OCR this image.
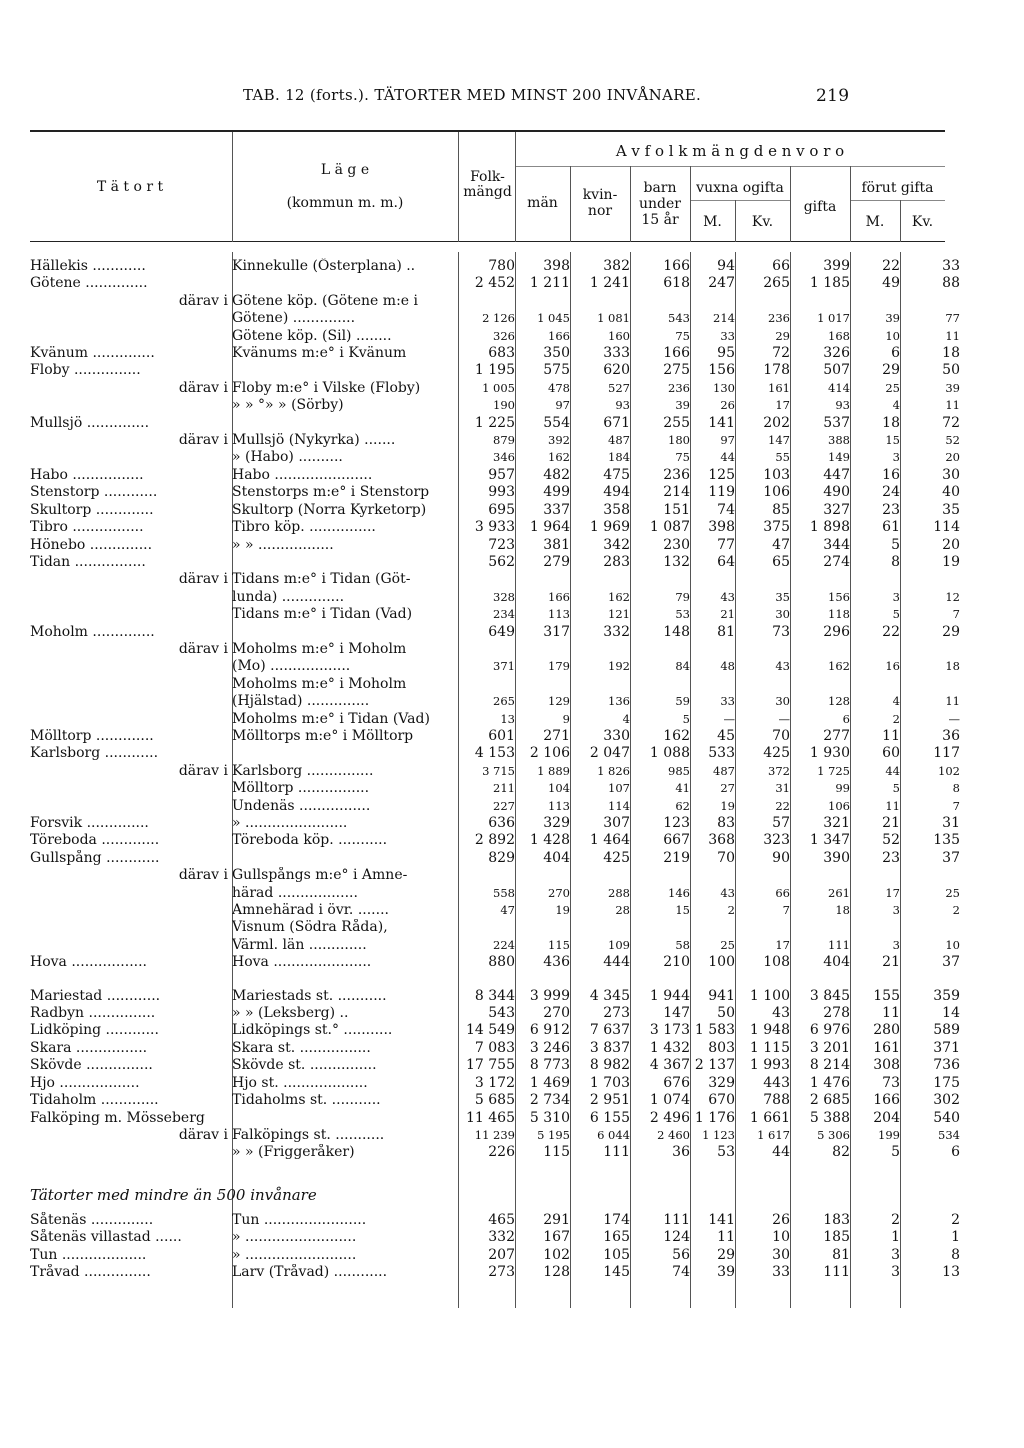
TAB. 12 (forts.). TÄTORTER MED MINST 200 INVÅNARE.	219
T ä t o r t
L ä g e
(kommun m. m.)
Folk-
mängd
A v f o l k m ä n g d e n v o r o
män	kvin-
nor
barn
under
15 år
vuxna ogifta
M.	Kv.
gifta
förut gifta
M.	Kv.
Hällekis ............	Kinnekulle (Österplana) ..	780	398	382	166	94	66	399	22	33
Götene ..............		2 452	1 211	1 241	618	247	265	1 185	49	88
därav i	Götene köp. (Götene m:e i									
	Götene) ..............	2 126	1 045	1 081	543	214	236	1 017	39	77
	Götene köp. (Sil) ........	326	166	160	75	33	29	168	10	11
Kvänum ..............	Kvänums m:e° i Kvänum	683	350	333	166	95	72	326	6	18
Floby ...............		1 195	575	620	275	156	178	507	29	50
därav i	Floby m:e° i Vilske (Floby)	1 005	478	527	236	130	161	414	25	39
	» » °» » (Sörby)	190	97	93	39	26	17	93	4	11
Mullsjö ..............		1 225	554	671	255	141	202	537	18	72
därav i	Mullsjö (Nykyrka) .......	879	392	487	180	97	147	388	15	52
	» (Habo) ..........	346	162	184	75	44	55	149	3	20
Habo ................	Habo ......................	957	482	475	236	125	103	447	16	30
Stenstorp ............	Stenstorps m:e° i Stenstorp	993	499	494	214	119	106	490	24	40
Skultorp .............	Skultorp (Norra Kyrketorp)	695	337	358	151	74	85	327	23	35
Tibro ................	Tibro köp. ...............	3 933	1 964	1 969	1 087	398	375	1 898	61	114
Hönebo ..............	» » .................	723	381	342	230	77	47	344	5	20
Tidan ................		562	279	283	132	64	65	274	8	19
därav i	Tidans m:e° i Tidan (Göt-									
	lunda) ..............	328	166	162	79	43	35	156	3	12
	Tidans m:e° i Tidan (Vad)	234	113	121	53	21	30	118	5	7
Moholm ..............		649	317	332	148	81	73	296	22	29
därav i	Moholms m:e° i Moholm									
	(Mo) ..................	371	179	192	84	48	43	162	16	18
	Moholms m:e° i Moholm									
	(Hjälstad) ..............	265	129	136	59	33	30	128	4	11
	Moholms m:e° i Tidan (Vad)	13	9	4	5	—	—	6	2	—
Mölltorp .............	Mölltorps m:e° i Mölltorp	601	271	330	162	45	70	277	11	36
Karlsborg ............		4 153	2 106	2 047	1 088	533	425	1 930	60	117
därav i	Karlsborg ...............	3 715	1 889	1 826	985	487	372	1 725	44	102
	Mölltorp ................	211	104	107	41	27	31	99	5	8
	Undenäs ................	227	113	114	62	19	22	106	11	7
Forsvik ..............	» .......................	636	329	307	123	83	57	321	21	31
Töreboda .............	Töreboda köp. ...........	2 892	1 428	1 464	667	368	323	1 347	52	135
Gullspång ............		829	404	425	219	70	90	390	23	37
därav i	Gullspångs m:e° i Amne-									
	härad ..................	558	270	288	146	43	66	261	17	25
	Amnehärad i övr. .......	47	19	28	15	2	7	18	3	2
	Visnum (Södra Råda),									
	Värml. län .............	224	115	109	58	25	17	111	3	10
Hova .................	Hova ......................	880	436	444	210	100	108	404	21	37

Mariestad ............	Mariestads st. ...........	8 344	3 999	4 345	1 944	941	1 100	3 845	155	359
Radbyn ...............	» » (Leksberg) ..	543	270	273	147	50	43	278	11	14
Lidköping ............	Lidköpings st.° ...........	14 549	6 912	7 637	3 173	1 583	1 948	6 976	280	589
Skara ................	Skara st. ................	7 083	3 246	3 837	1 432	803	1 115	3 201	161	371
Skövde ...............	Skövde st. ...............	17 755	8 773	8 982	4 367	2 137	1 993	8 214	308	736
Hjo ..................	Hjo st. ...................	3 172	1 469	1 703	676	329	443	1 476	73	175
Tidaholm .............	Tidaholms st. ...........	5 685	2 734	2 951	1 074	670	788	2 685	166	302
Falköping m. Mösseberg		11 465	5 310	6 155	2 496	1 176	1 661	5 388	204	540
därav i	Falköpings st. ...........	11 239	5 195	6 044	2 460	1 123	1 617	5 306	199	534
	» » (Friggeråker)	226	115	111	36	53	44	82	5	6

Tätorter med mindre än 500 invånare										
Såtenäs ..............	Tun .......................	465	291	174	111	141	26	183	2	2
Såtenäs villastad ......	» .........................	332	167	165	124	11	10	185	1	1
Tun ...................	» .........................	207	102	105	56	29	30	81	3	8
Tråvad ...............	Larv (Tråvad) ............	273	128	145	74	39	33	111	3	13
